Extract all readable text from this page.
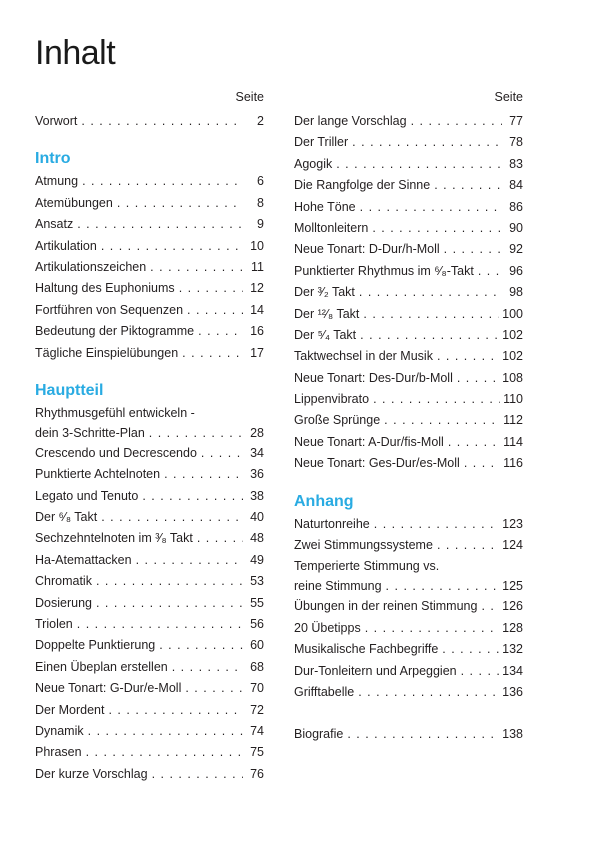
Inhalt
Seite
Vorwort . . .	2
Intro
Atmung . . .	6
Atemübungen . . .	8
Ansatz . . .	9
Artikulation . . .	10
Artikulationszeichen . . .	11
Haltung des Euphoniums . . .	12
Fortführen von Sequenzen . . .	14
Bedeutung der Piktogramme . . .	16
Tägliche Einspielübungen . . .	17
Hauptteil
Rhythmusgefühl entwickeln -
dein 3-Schritte-Plan . . .	28
Crescendo und Decrescendo . . .	34
Punktierte Achtelnoten . . .	36
Legato und Tenuto . . .	38
Der ⁶⁄₈ Takt . . .	40
Sechzehntelnoten im ³⁄₈ Takt . . .	48
Ha-Atemattacken . . .	49
Chromatik . . .	53
Dosierung . . .	55
Triolen . . .	56
Doppelte Punktierung . . .	60
Einen Übeplan erstellen . . .	68
Neue Tonart: G-Dur/e-Moll . . .	70
Der Mordent . . .	72
Dynamik . . .	74
Phrasen . . .	75
Der kurze Vorschlag . . .	76
Seite
Der lange Vorschlag . . .	77
Der Triller . . .	78
Agogik . . .	83
Die Rangfolge der Sinne . . .	84
Hohe Töne . . .	86
Molltonleitern . . .	90
Neue Tonart: D-Dur/h-Moll . . .	92
Punktierter Rhythmus im ⁶⁄₈-Takt . . .	96
Der ³⁄₂ Takt . . .	98
Der ¹²⁄₈ Takt . . .	100
Der ⁵⁄₄ Takt . . .	102
Taktwechsel in der Musik . . .	102
Neue Tonart: Des-Dur/b-Moll . . .	108
Lippenvibrato . . .	110
Große Sprünge . . .	112
Neue Tonart: A-Dur/fis-Moll . . .	114
Neue Tonart: Ges-Dur/es-Moll . . .	116
Anhang
Naturtonreihe . . .	123
Zwei Stimmungssysteme . . .	124
Temperierte Stimmung vs.
reine Stimmung . . .	125
Übungen in der reinen Stimmung . . . 126
20 Übetipps . . .	128
Musikalische Fachbegriffe . . .	132
Dur-Tonleitern und Arpeggien . . .	134
Grifftabelle . . .	136
Biografie . . .	138
